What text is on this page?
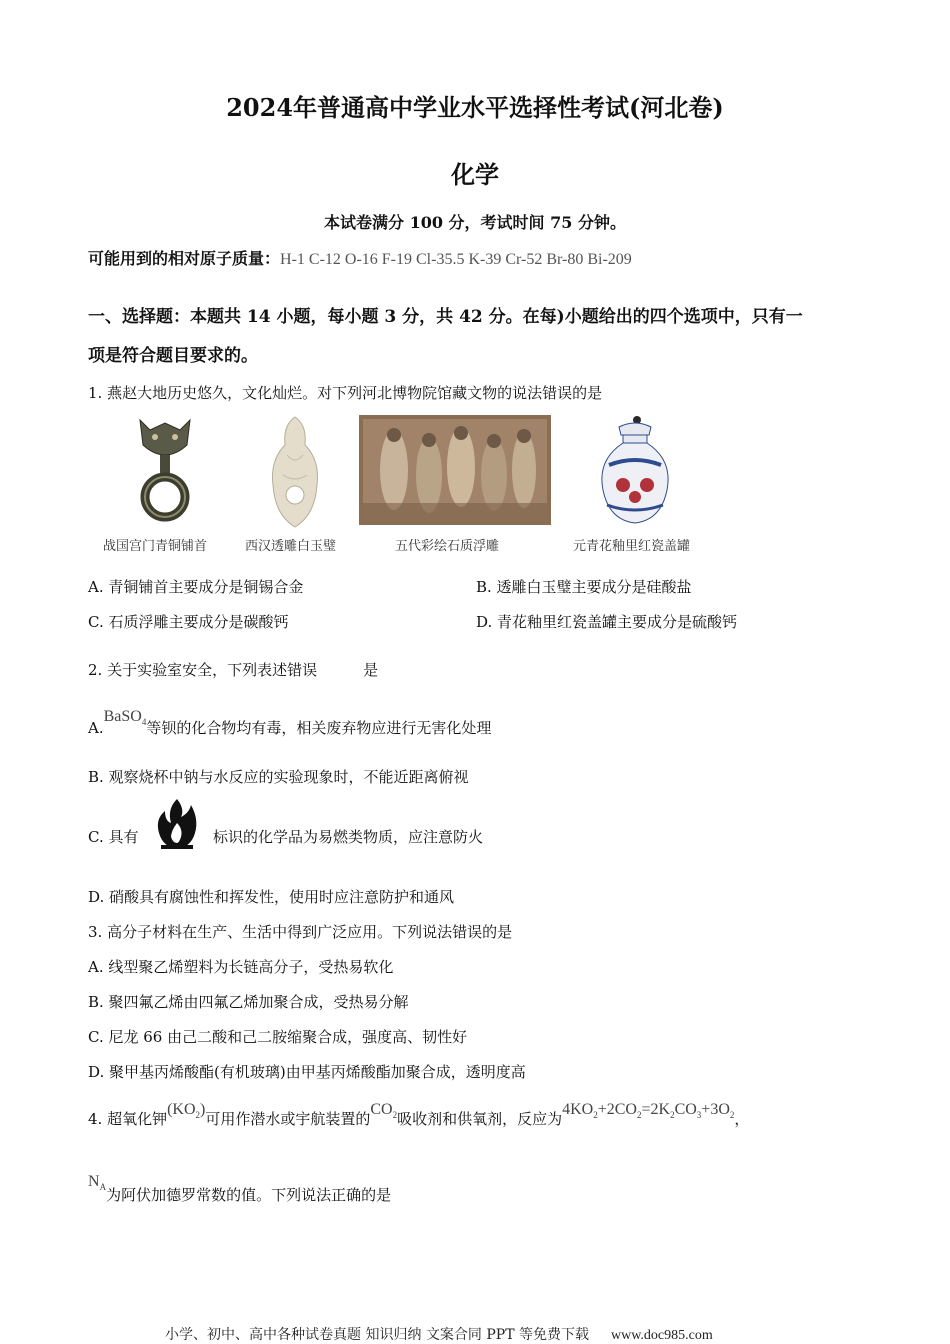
2024年普通高中学业水平选择性考试(河北卷)
化学
本试卷满分 100 分，考试时间 75 分钟。
可能用到的相对原子质量：H-1 C-12 O-16 F-19 Cl-35.5 K-39 Cr-52 Br-80 Bi-209
一、选择题：本题共 14 小题，每小题 3 分，共 42 分。在每)小题给出的四个选项中，只有一
项是符合题目要求的。
1. 燕赵大地历史悠久，文化灿烂。对下列河北博物院馆藏文物的说法错误的是
战国宫门青铜铺首	西汉透雕白玉璧	五代彩绘石质浮雕	元青花釉里红瓷盖罐
A. 青铜铺首主要成分是铜锡合金	B. 透雕白玉璧主要成分是硅酸盐
C. 石质浮雕主要成分是碳酸钙	D. 青花釉里红瓷盖罐主要成分是硫酸钙
2. 关于实验室安全，下列表述错误	是
A.BaSO$_4$等钡的化合物均有毒，相关废弃物应进行无害化处理
B. 观察烧杯中钠与水反应的实验现象时，不能近距离俯视
C. 具有	标识的化学品为易燃类物质，应注意防火
D. 硝酸具有腐蚀性和挥发性，使用时应注意防护和通风
3. 高分子材料在生产、生活中得到广泛应用。下列说法错误的是
A. 线型聚乙烯塑料为长链高分子，受热易软化
B. 聚四氟乙烯由四氟乙烯加聚合成，受热易分解
C. 尼龙 66 由己二酸和己二胺缩聚合成，强度高、韧性好
D. 聚甲基丙烯酸酯(有机玻璃)由甲基丙烯酸酯加聚合成，透明度高
4. 超氧化钾$(KO_2)$可用作潜水或宇航装置的$CO_2$吸收剂和供氧剂，反应为$4KO_2+2CO_2=2K_2CO_3+3O_2$，
$N_A$为阿伏加德罗常数的值。下列说法正确的是
小学、初中、高中各种试卷真题 知识归纳 文案合同 PPT 等免费下载 www.doc985.com
